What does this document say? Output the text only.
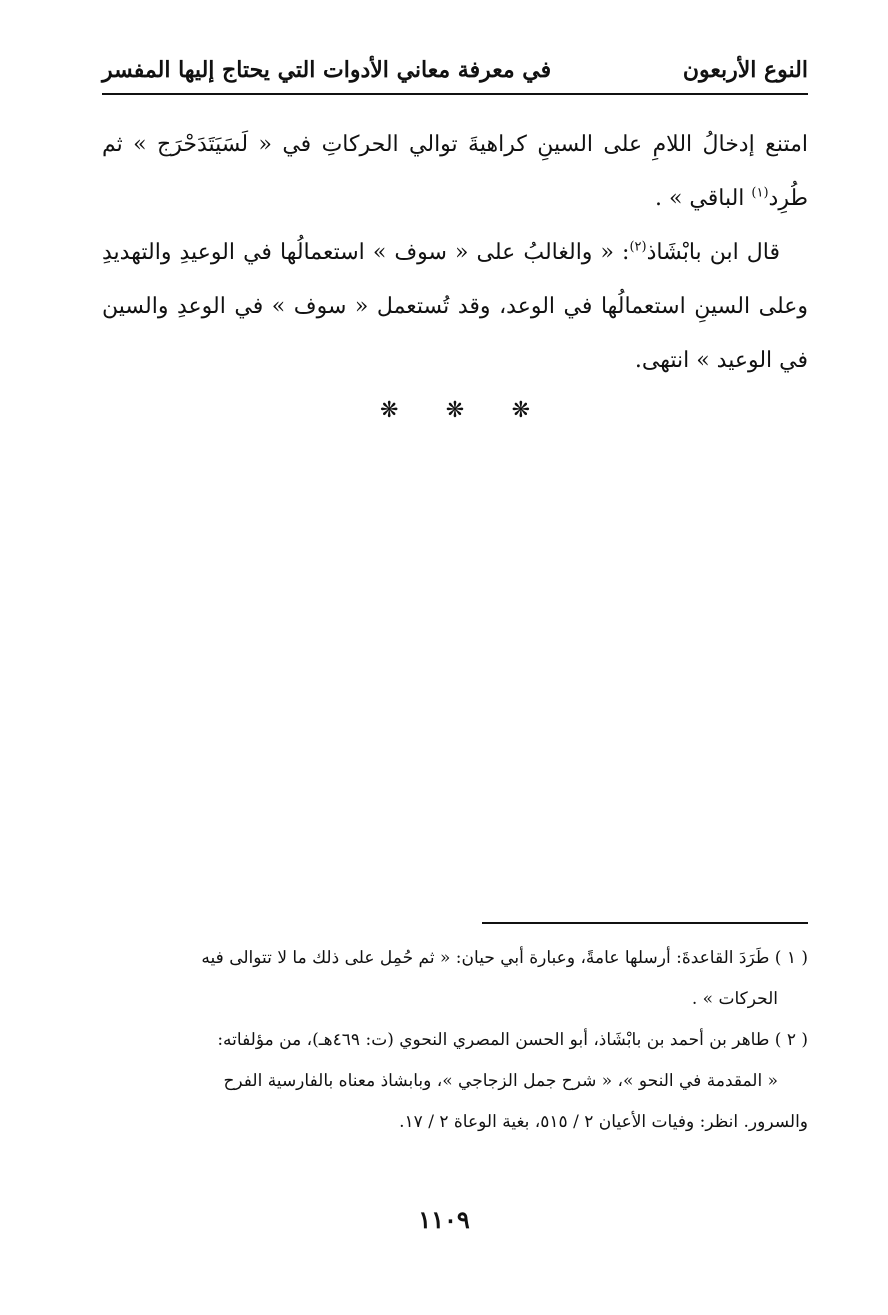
النوع الأربعون
في معرفة معاني الأدوات التي يحتاج إليها المفسر

امتنع إدخالُ اللامِ على السينِ كراهيةَ توالي الحركاتِ في « لَسَيَتَدَحْرَج » ثم طُرِد$^{(١)}$ الباقي » .

قال ابن بابْشَاذ$^{(٢)}$: « والغالبُ على « سوف » استعمالُها في الوعيدِ والتهديدِ وعلى السينِ استعمالُها في الوعد، وقد تُستعمل « سوف » في الوعدِ والسين في الوعيد » انتهى.

❋ ❋ ❋

( ١ ) طَرَدَ القاعدةَ: أرسلها عامةً، وعبارة أبي حيان: « ثم حُمِل على ذلك ما لا تتوالى فيه

الحركات » .

( ٢ ) طاهر بن أحمد بن بابْشَاذ، أبو الحسن المصري النحوي (ت: ٤٦٩هـ)، من مؤلفاته:

« المقدمة في النحو »، « شرح جمل الزجاجي »، وبابشاذ معناه بالفارسية الفرح

والسرور. انظر: وفيات الأعيان ٢ / ٥١٥، بغية الوعاة ٢ / ١٧.

١١٠٩
